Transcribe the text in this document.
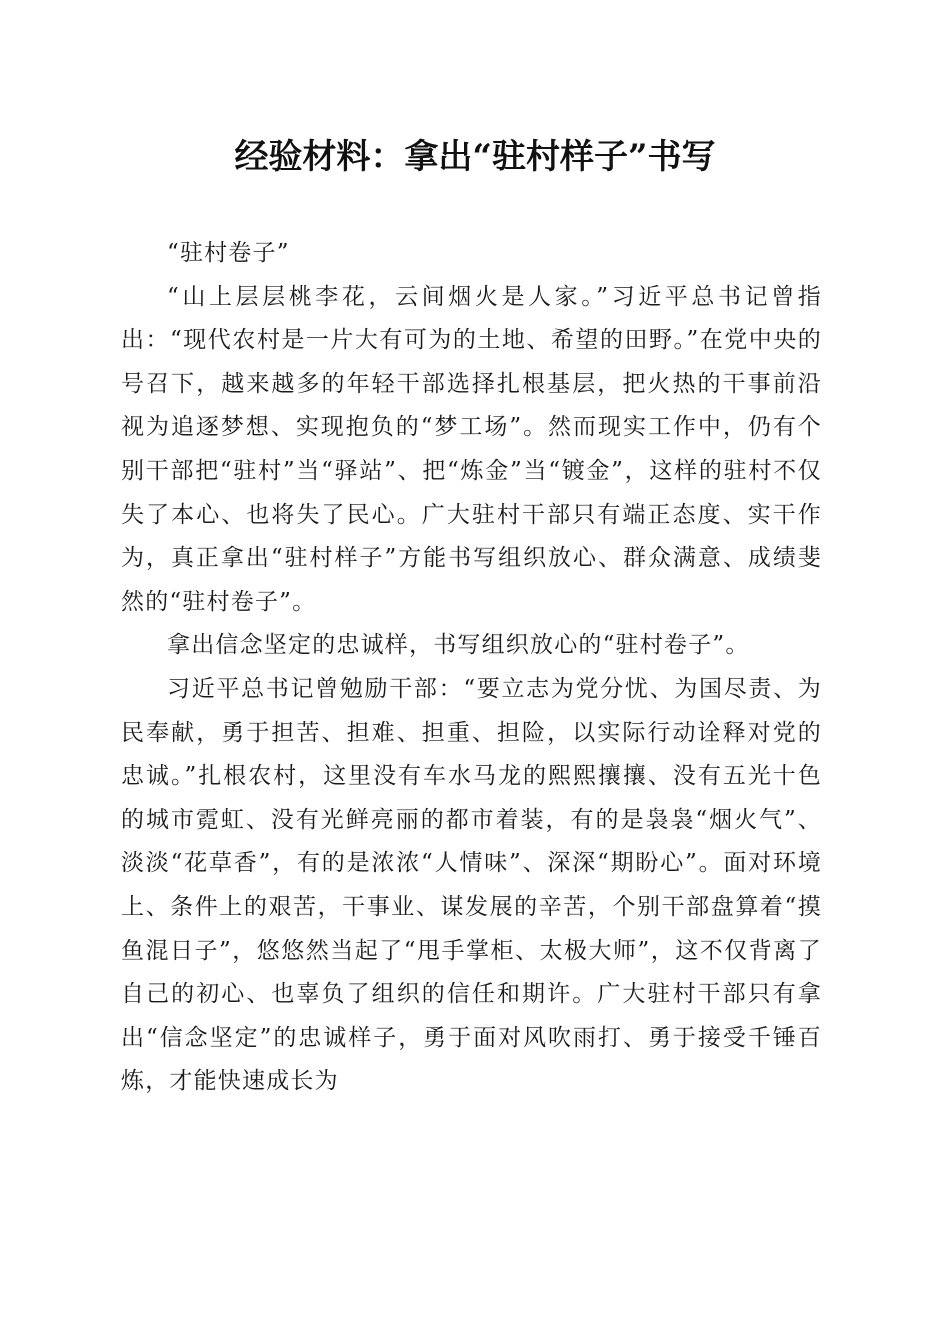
经验材料：拿出“驻村样子”书写

“驻村卷子”

“山上层层桃李花，云间烟火是人家。”习近平总书记曾指出：“现代农村是一片大有可为的土地、希望的田野。”在党中央的号召下，越来越多的年轻干部选择扎根基层，把火热的干事前沿视为追逐梦想、实现抱负的“梦工场”。然而现实工作中，仍有个别干部把“驻村”当“驿站”、把“炼金”当“镀金”，这样的驻村不仅失了本心、也将失了民心。广大驻村干部只有端正态度、实干作为，真正拿出“驻村样子”方能书写组织放心、群众满意、成绩斐然的“驻村卷子”。

拿出信念坚定的忠诚样，书写组织放心的“驻村卷子”。

习近平总书记曾勉励干部：“要立志为党分忧、为国尽责、为民奉献，勇于担苦、担难、担重、担险，以实际行动诠释对党的忠诚。”扎根农村，这里没有车水马龙的熙熙攘攘、没有五光十色的城市霓虹、没有光鲜亮丽的都市着装，有的是袅袅“烟火气”、淡淡“花草香”，有的是浓浓“人情味”、深深“期盼心”。面对环境上、条件上的艰苦，干事业、谋发展的辛苦，个别干部盘算着“摸鱼混日子”，悠悠然当起了“甩手掌柜、太极大师”，这不仅背离了自己的初心、也辜负了组织的信任和期许。广大驻村干部只有拿出“信念坚定”的忠诚样子，勇于面对风吹雨打、勇于接受千锤百炼，才能快速成长为
